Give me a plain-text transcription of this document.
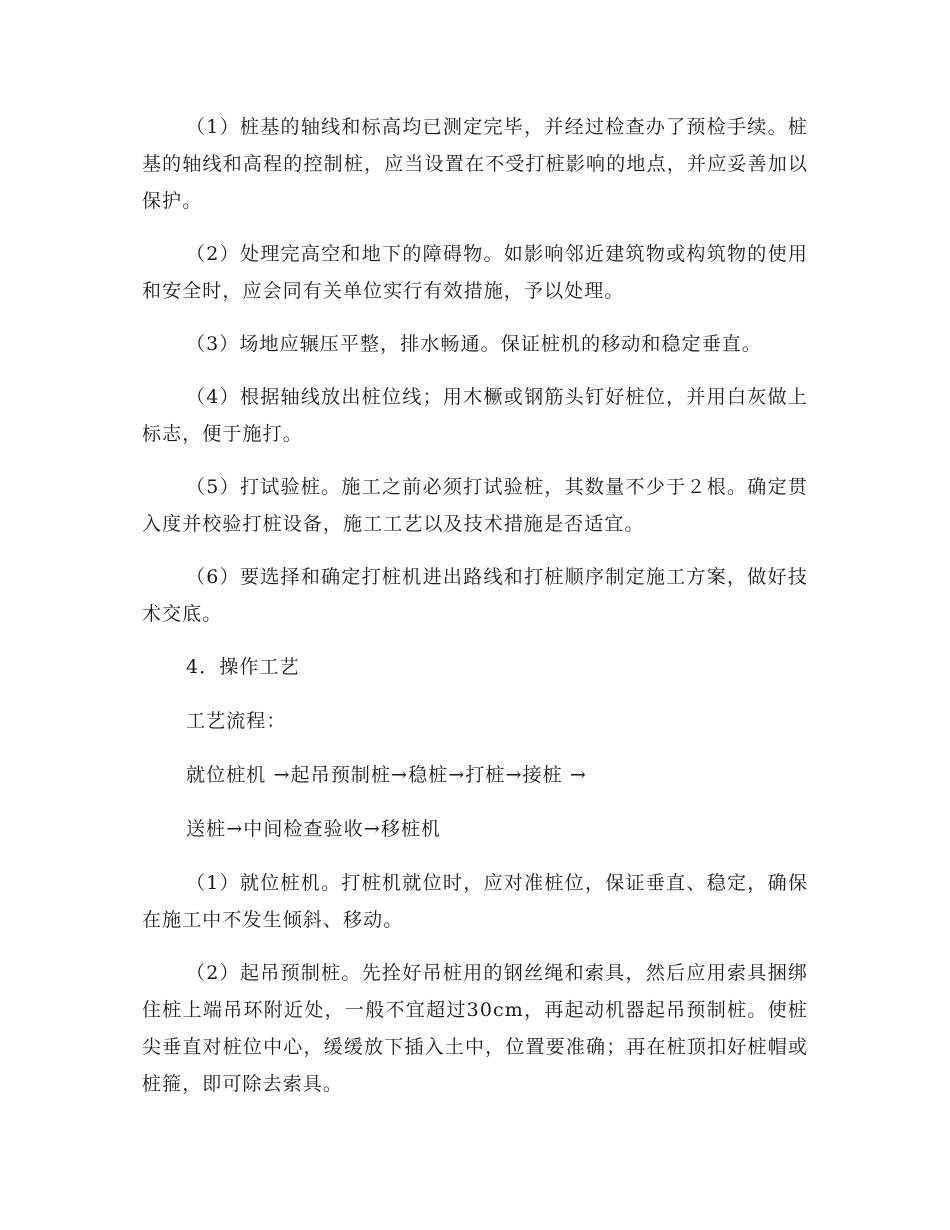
（1）桩基的轴线和标高均已测定完毕，并经过检查办了预检手续。桩基的轴线和高程的控制桩，应当设置在不受打桩影响的地点，并应妥善加以保护。

（2）处理完高空和地下的障碍物。如影响邻近建筑物或构筑物的使用和安全时，应会同有关单位实行有效措施，予以处理。

（3）场地应辗压平整，排水畅通。保证桩机的移动和稳定垂直。

（4）根据轴线放出桩位线；用木橛或钢筋头钉好桩位，并用白灰做上标志，便于施打。

（5）打试验桩。施工之前必须打试验桩，其数量不少于２根。确定贯入度并校验打桩设备，施工工艺以及技术措施是否适宜。

（6）要选择和确定打桩机进出路线和打桩顺序制定施工方案，做好技术交底。

4．操作工艺

工艺流程：

就位桩机 →起吊预制桩→稳桩→打桩→接桩 →

送桩→中间检查验收→移桩机

（1）就位桩机。打桩机就位时，应对准桩位，保证垂直、稳定，确保在施工中不发生倾斜、移动。

（2）起吊预制桩。先拴好吊桩用的钢丝绳和索具，然后应用索具捆绑住桩上端吊环附近处，一般不宜超过30cm，再起动机器起吊预制桩。使桩尖垂直对桩位中心，缓缓放下插入土中，位置要准确；再在桩顶扣好桩帽或桩箍，即可除去索具。
